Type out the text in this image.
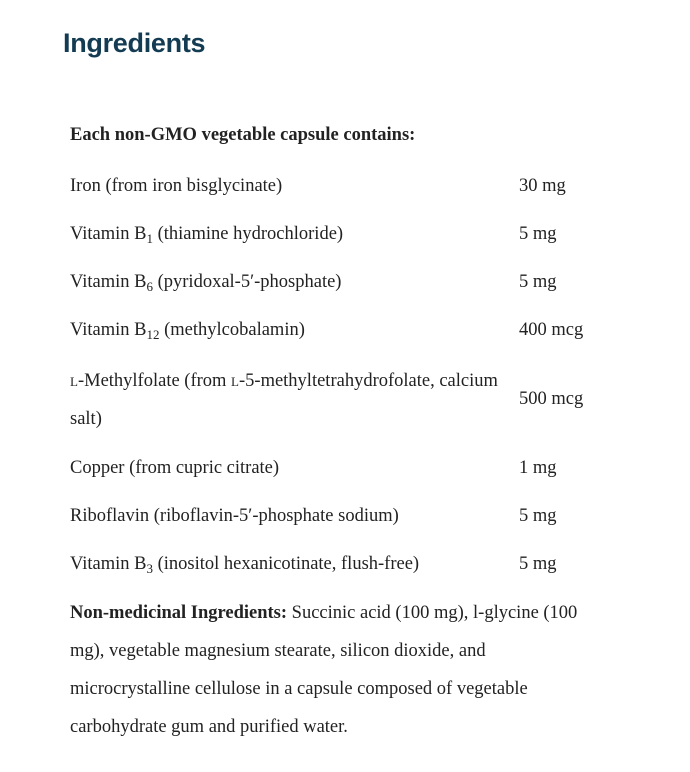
Ingredients
Each non-GMO vegetable capsule contains:
Iron (from iron bisglycinate)	30 mg
Vitamin $B_1$ (thiamine hydrochloride)	5 mg
Vitamin $B_6$ (pyridoxal-5′-phosphate)	5 mg
Vitamin $B_{12}$ (methylcobalamin)	400 mcg
l-Methylfolate (from l-5-methyltetrahydrofolate, calcium salt)	500 mcg
Copper (from cupric citrate)	1 mg
Riboflavin (riboflavin-5′-phosphate sodium)	5 mg
Vitamin $B_3$ (inositol hexanicotinate, flush-free)	5 mg

Non-medicinal Ingredients: Succinic acid (100 mg), l-glycine (100 mg), vegetable magnesium stearate, silicon dioxide, and microcrystalline cellulose in a capsule composed of vegetable carbohydrate gum and purified water.
